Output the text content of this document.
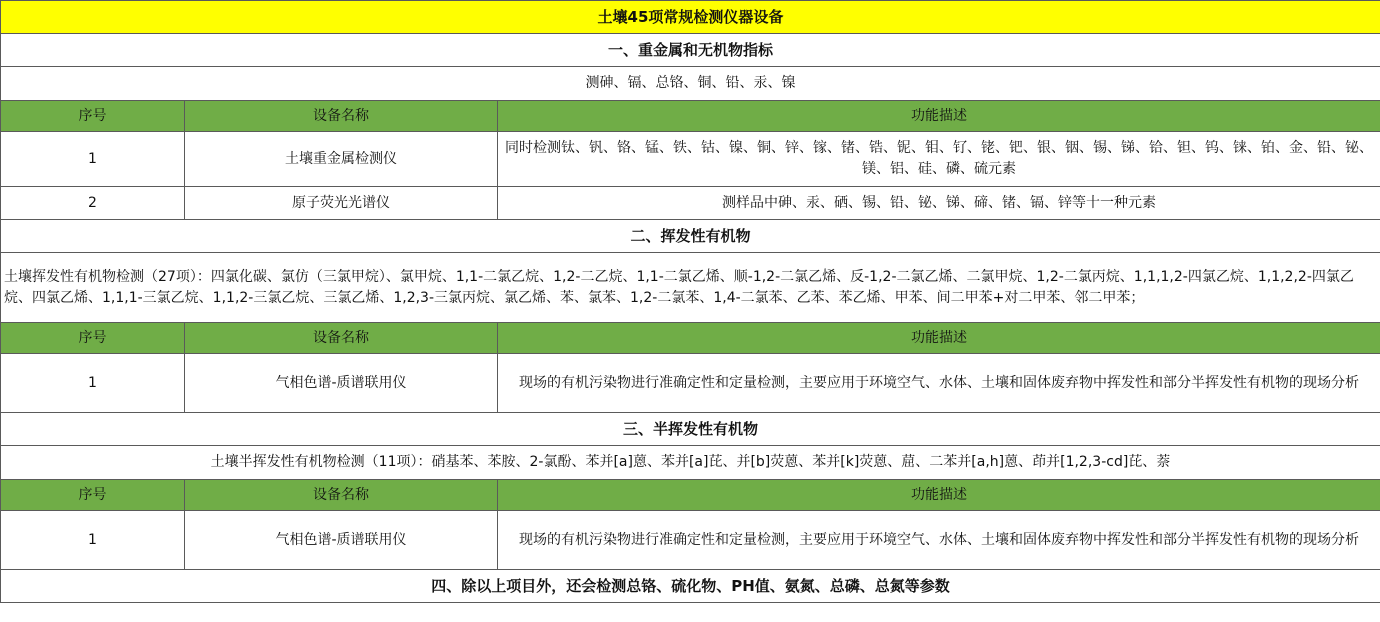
土壤45项常规检测仪器设备		
一、重金属和无机物指标		
测砷、镉、总铬、铜、铅、汞、镍		
序号	设备名称	功能描述
1	土壤重金属检测仪	同时检测钛、钒、铬、锰、铁、钴、镍、铜、锌、镓、锗、锆、铌、钼、钌、铑、钯、银、铟、锡、锑、铪、钽、钨、铼、铂、金、铅、铋、镁、铝、硅、磷、硫元素
2	原子荧光光谱仪	测样品中砷、汞、硒、锡、铅、铋、锑、碲、锗、镉、锌等十一种元素
二、挥发性有机物		
土壤挥发性有机物检测（27项）：四氯化碳、氯仿（三氯甲烷）、氯甲烷、1,1-二氯乙烷、1,2-二乙烷、1,1-二氯乙烯、顺-1,2-二氯乙烯、反-1,2-二氯乙烯、二氯甲烷、1,2-二氯丙烷、1,1,1,2-四氯乙烷、1,1,2,2-四氯乙烷、四氯乙烯、1,1,1-三氯乙烷、1,1,2-三氯乙烷、三氯乙烯、1,2,3-三氯丙烷、氯乙烯、苯、氯苯、1,2-二氯苯、1,4-二氯苯、乙苯、苯乙烯、甲苯、间二甲苯+对二甲苯、邻二甲苯；		
序号	设备名称	功能描述
1	气相色谱-质谱联用仪	现场的有机污染物进行准确定性和定量检测，主要应用于环境空气、水体、土壤和固体废弃物中挥发性和部分半挥发性有机物的现场分析
三、半挥发性有机物		
土壤半挥发性有机物检测（11项）：硝基苯、苯胺、2-氯酚、苯并[a]蒽、苯并[a]芘、并[b]荧蒽、苯并[k]荧蒽、䓛、二苯并[a,h]蒽、茚并[1,2,3-cd]芘、萘		
序号	设备名称	功能描述
1	气相色谱-质谱联用仪	现场的有机污染物进行准确定性和定量检测，主要应用于环境空气、水体、土壤和固体废弃物中挥发性和部分半挥发性有机物的现场分析
四、除以上项目外，还会检测总铬、硫化物、PH值、氨氮、总磷、总氮等参数		
